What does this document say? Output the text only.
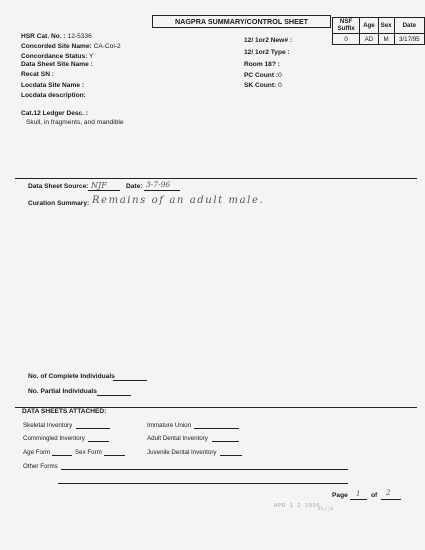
NAGPRA SUMMARY/CONTROL SHEET	NSF Suffix	Age	Sex	Date
0	AD	M	3/17/95
HSR Cat. No. : 12-5336
Concorded Site Name: CA-Col-2
Concordance Status: Y
Data Sheet Site Name :
Recat SN :
Locdata Site Name :
Locdata description:
12/ 1or2 New# :
12/ 1or2 Type :
Room 18? :
PC Count :0
SK Count: 0
Cat.12 Ledger Desc. :
Skull, in fragments, and mandible
Data Sheet Source: NJF	Date: 3-7-96
Curation Summary: Remains of an adult male.
No. of Complete Individuals
No. Partial Individuals
DATA SHEETS ATTACHED:
Skeletal Inventory	Immature Union
Commingled Inventory	Adult Dental Inventory
Age Form	Sex Form	Juvenile Dental Inventory
Other Forms
Page 1 of 2
APR 1 2 1996
VL/jk
